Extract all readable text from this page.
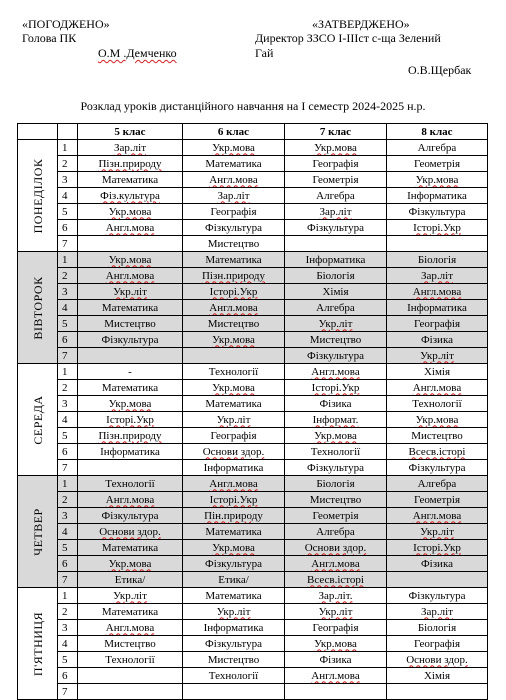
«ПОГОДЖЕНО»
Голова ПК
О.М .Демченко
«ЗАТВЕРДЖЕНО»
Директор ЗЗСО І-ІІІст с-ща Зелений
Гай
О.В.Щербак
Розклад уроків дистанційного навчання на І семестр 2024-2025 н.р.
		5 клас	6 клас	7 клас	8 клас

ПОНЕДІЛОК	1	Зар.літ	Укр.мова	Укр.мова	Алгебра
	2	Пізн.природу	Математика	Географія	Геометрія
	3	Математика	Англ.мова	Геометрія	Укр.мова
	4	Фіз.культура	Зар.літ	Алгебра	Інформатика
	5	Укр.мова	Географія	Зар.літ	Фізкультура
	6	Англ.мова	Фізкультура	Фізкультура	Історі.Укр
	7		Мистецтво		

ВІВТОРОК	1	Укр.мова	Математика	Інформатика	Біологія
	2	Англ.мова	Пізн.природу	Біологія	Зар.літ
	3	Укр.літ	Історі.Укр	Хімія	Англ.мова
	4	Математика	Англ.мова	Алгебра	Інформатика
	5	Мистецтво	Мистецтво	Укр.літ	Географія
	6	Фізкультура	Укр.мова	Мистецтво	Фізика
	7			Фізкультура	Укр.літ

СЕРЕДА	1	-	Технології	Англ.мова	Хімія
	2	Математика	Укр.мова	Історі.Укр	Англ.мова
	3	Укр.мова	Математика	Фізика	Технології
	4	Історі.Укр	Укр.літ	Інформат.	Укр.мова
	5	Пізн.природу	Географія	Укр.мова	Мистецтво
	6	Інформатика	Основи здор.	Технології	Всесв.історі
	7		Інформатика	Фізкультура	Фізкультура

ЧЕТВЕР	1	Технології	Англ.мова	Біологія	Алгебра
	2	Англ.мова	Історі.Укр	Мистецтво	Геометрія
	3	Фізкультура	Пін.природу	Геометрія	Англ.мова
	4	Основи здор.	Математика	Алгебра	Укр.літ
	5	Математика	Укр.мова	Основи здор.	Історі.Укр
	6	Укр.мова	Фізкультура	Англ.мова	Фізика
	7	Етика/	Етика/	Всесв.історі	

П'ЯТНИЦЯ	1	Укр.літ	Математика	Зар.літ.	Фізкультура
	2	Математика	Укр.літ	Укр.літ	Зар.літ
	3	Англ.мова	Інформатика	Географія	Біологія
	4	Мистецтво	Фізкультура	Укр.мова	Географія
	5	Технології	Мистецтво	Фізика	Основи здор.
	6		Технології	Англ.мова	Хімія
	7				
